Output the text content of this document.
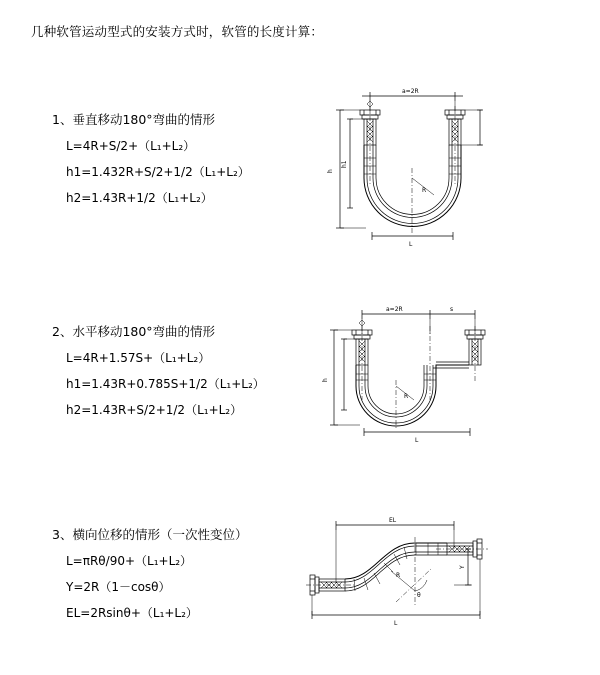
几种软管运动型式的安装方式时，软管的长度计算：
1、垂直移动180°弯曲的情形
L=4R+S/2+（L₁+L₂）
h1=1.432R+S/2+1/2（L₁+L₂）
h2=1.43R+1/2（L₁+L₂）
a=2R
R
L
h
h1
2、水平移动180°弯曲的情形
L=4R+1.57S+（L₁+L₂）
h1=1.43R+0.785S+1/2（L₁+L₂）
h2=1.43R+S/2+1/2（L₁+L₂）
a=2R	s
R
L
h
3、横向位移的情形（一次性变位）
L=πRθ/90+（L₁+L₂）
Y=2R（1－cosθ）
EL=2Rsinθ+（L₁+L₂）
EL
θ
R
Y
L
